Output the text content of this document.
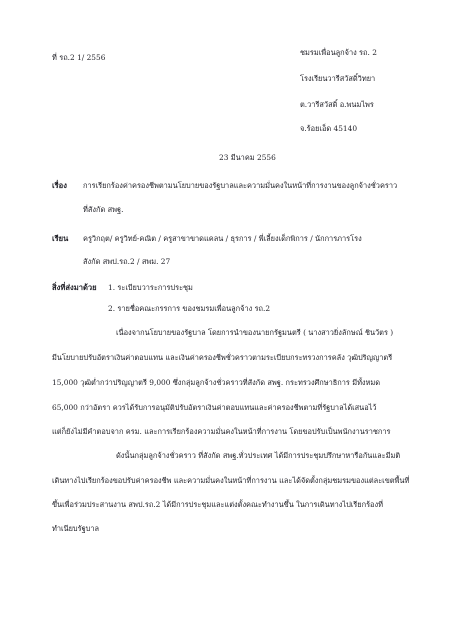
ที่ รถ.2 1/ 2556
ชมรมเพื่อนลูกจ้าง รถ. 2
โรงเรียนวารีสวัสดิ์วิทยา
ต.วารีสวัสดิ์ อ.พนมไพร
จ.ร้อยเอ็ด 45140
23 มีนาคม 2556
เรื่อง การเรียกร้องค่าครองชีพตามนโยบายของรัฐบาลและความมั่นคงในหน้าที่การงานของลูกจ้างชั่วคราว
ที่สังกัด สพฐ.
เรียน ครูวิกฤต/ ครูวิทย์-คณิต / ครูสาขาขาดแคลน / ธุรการ / พี่เลี้ยงเด็กพิการ / นักการภารโรง
สังกัด สพป.รถ.2 / สพม. 27
สิ่งที่ส่งมาด้วย 1. ระเบียบวาระการประชุม
2. รายชื่อคณะกรรการ ของชมรมเพื่อนลูกจ้าง รถ.2
เนื่องจากนโยบายของรัฐบาล โดยการนำของนายกรัฐมนตรี ( นางสาวยิ่งลักษณ์ ชินวัตร )
มีนโยบายปรับอัตราเงินค่าตอบแทน และเงินค่าครองชีพชั่วคราวตามระเบียบกระทรวงการคลัง วุฒิปริญญาตรี
15,000 วุฒิต่ำกว่าปริญญาตรี 9,000 ซึ่งกลุ่มลูกจ้างชั่วคราวที่สังกัด สพฐ. กระทรวงศึกษาธิการ มีทั้งหมด
65,000 กว่าอัตรา ควรได้รับการอนุมัติปรับอัตราเงินค่าตอบแทนและค่าครองชีพตามที่รัฐบาลได้เสนอไว้
แต่ก็ยังไม่มีคำตอบจาก ครม. และการเรียกร้องความมั่นคงในหน้าที่การงาน โดยขอปรับเป็นพนักงานราชการ
ดังนั้นกลุ่มลูกจ้างชั่วคราว ที่สังกัด สพฐ.ทั่วประเทศ ได้มีการประชุมปรึกษาหารือกันและมีมติ
เดินทางไปเรียกร้องขอปรับค่าครองชีพ และความมั่นคงในหน้าที่การงาน และได้จัดตั้งกลุ่มชมรมของแต่ละเขตพื้นที่
ขึ้นเพื่อร่วมประสานงาน สพป.รถ.2 ได้มีการประชุมและแต่งตั้งคณะทำงานขึ้น ในการเดินทางไปเรียกร้องที่
ทำเนียบรัฐบาล
